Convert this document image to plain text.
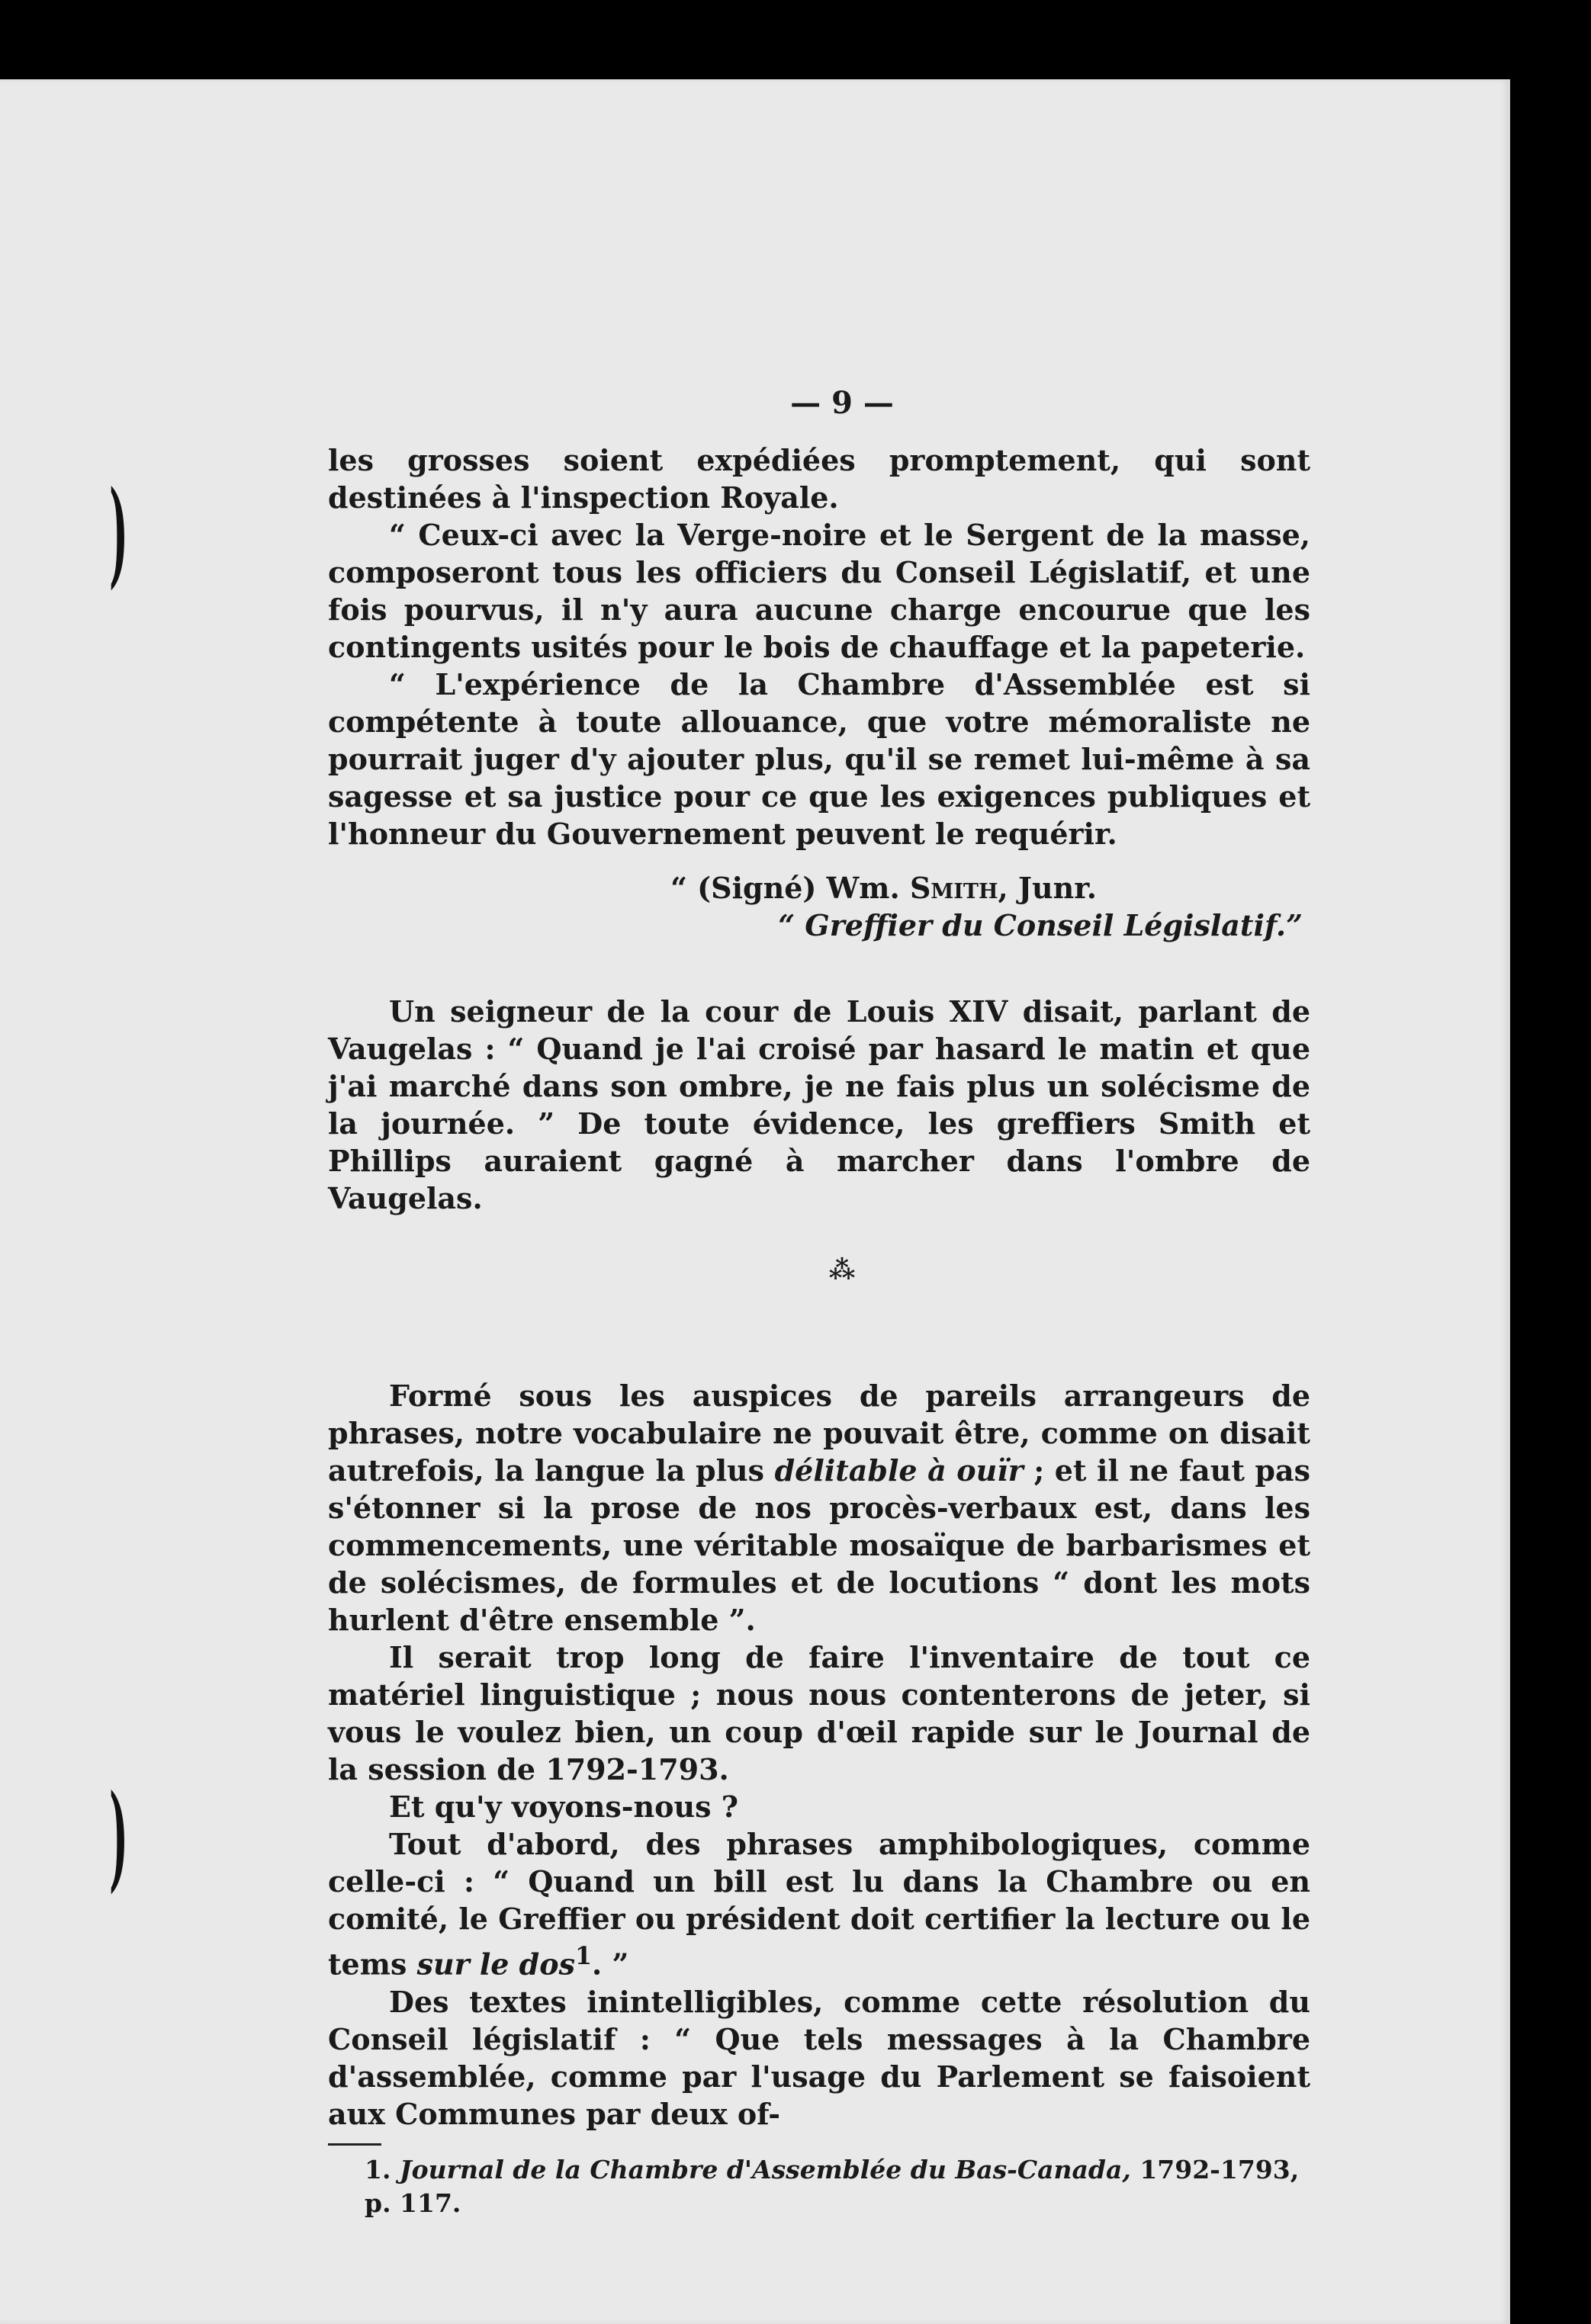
)
)
— 9 —

les grosses soient expédiées promptement, qui sont destinées à l'inspection Royale.

“ Ceux-ci avec la Verge-noire et le Sergent de la masse, composeront tous les officiers du Conseil Législatif, et une fois pourvus, il n'y aura aucune charge encourue que les contingents usités pour le bois de chauffage et la papeterie.

“ L'expérience de la Chambre d'Assemblée est si compétente à toute allouance, que votre mémoraliste ne pourrait juger d'y ajouter plus, qu'il se remet lui-même à sa sagesse et sa justice pour ce que les exigences publiques et l'honneur du Gouvernement peuvent le requérir.

“ (Signé) Wm. Smith, Junr.

“ Greffier du Conseil Législatif.”

Un seigneur de la cour de Louis XIV disait, parlant de Vaugelas : “ Quand je l'ai croisé par hasard le matin et que j'ai marché dans son ombre, je ne fais plus un solécisme de la journée. ” De toute évidence, les greffiers Smith et Phillips auraient gagné à marcher dans l'ombre de Vaugelas.

⁂

Formé sous les auspices de pareils arrangeurs de phrases, notre vocabulaire ne pouvait être, comme on disait autrefois, la langue la plus délitable à ouïr ; et il ne faut pas s'étonner si la prose de nos procès-verbaux est, dans les commencements, une véritable mosaïque de barbarismes et de solécismes, de formules et de locutions “ dont les mots hurlent d'être ensemble ”.

Il serait trop long de faire l'inventaire de tout ce matériel linguistique ; nous nous contenterons de jeter, si vous le voulez bien, un coup d'œil rapide sur le Journal de la session de 1792-1793.

Et qu'y voyons-nous ?

Tout d'abord, des phrases amphibologiques, comme celle-ci : “ Quand un bill est lu dans la Chambre ou en comité, le Greffier ou président doit certifier la lecture ou le tems sur le dos$^1$. ”

Des textes inintelligibles, comme cette résolution du Conseil législatif : “ Que tels messages à la Chambre d'assemblée, comme par l'usage du Parlement se faisoient aux Communes par deux of-

1. Journal de la Chambre d'Assemblée du Bas-Canada, 1792-1793, p. 117.
